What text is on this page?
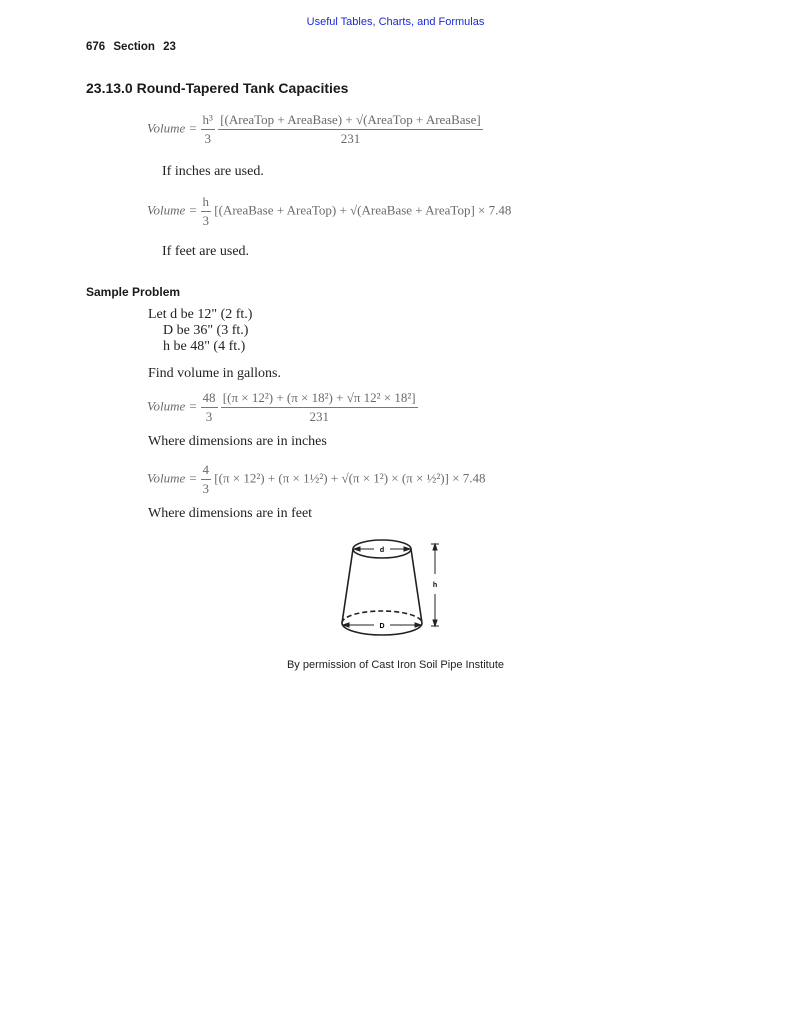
Useful Tables, Charts, and Formulas
676 Section 23
23.13.0 Round-Tapered Tank Capacities
Volume = $\frac{\text{h³}}{3}$
$\frac{\text{[(AreaTop + AreaBase) + √(AreaTop + AreaBase]}}{231}$
If inches are used.
Volume = $\frac{h}{3}$ [(AreaBase + AreaTop) + √(AreaBase + AreaTop] × 7.48
If feet are used.
Sample Problem
Let d be 12" (2 ft.)
D be 36" (3 ft.)
h be 48" (4 ft.)
Find volume in gallons.
Volume = $\frac{48}{3}$
$\frac{\text{[(π × 12²) + (π × 18²) + √π 12² × 18²]}}{231}$
Where dimensions are in inches
Volume = $\frac{4}{3} [(\pi \times 12^2) + (\pi$ × 1½²) + √(π × 1²) × (π × ½²)] × 7.48
Where dimensions are in feet
d
D
h
By permission of Cast Iron Soil Pipe Institute
